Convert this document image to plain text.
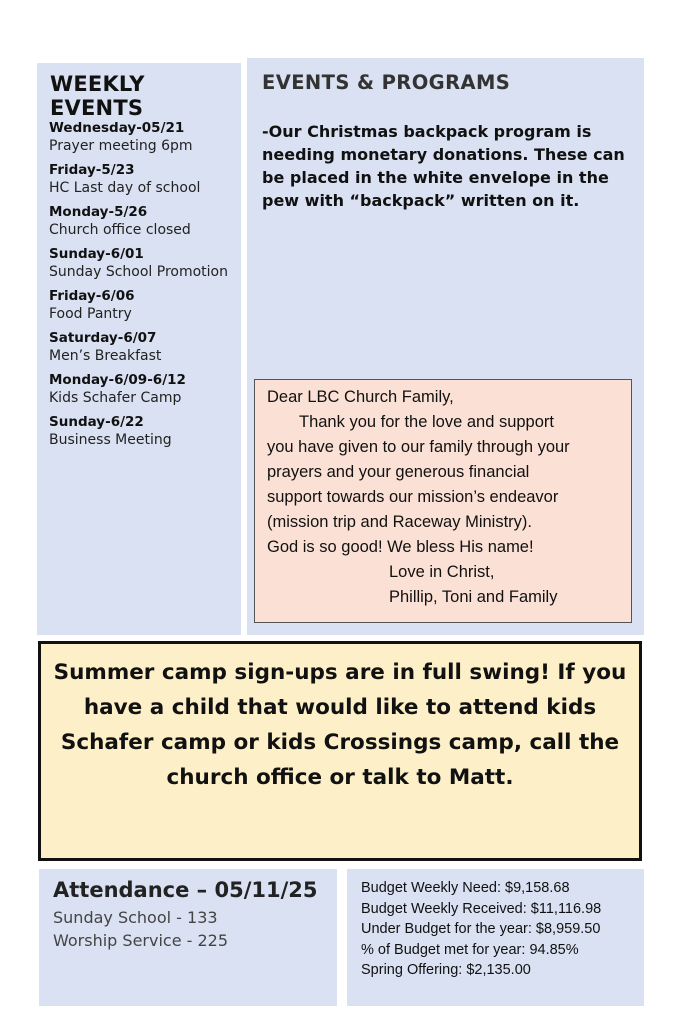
WEEKLY EVENTS
Wednesday-05/21
Prayer meeting 6pm
Friday-5/23
HC Last day of school
Monday-5/26
Church office closed
Sunday-6/01
Sunday School Promotion
Friday-6/06
Food Pantry
Saturday-6/07
Men’s Breakfast
Monday-6/09-6/12
Kids Schafer Camp
Sunday-6/22
Business Meeting
EVENTS & PROGRAMS
-Our Christmas backpack program is needing monetary donations. These can be placed in the white envelope in the pew with “backpack” written on it.
Dear LBC Church Family,
Thank you for the love and support
you have given to our family through your
prayers and your generous financial
support towards our mission’s endeavor
(mission trip and Raceway Ministry).
God is so good! We bless His name!
Love in Christ,
Phillip, Toni and Family
Summer camp sign-ups are in full swing! If you have a child that would like to attend kids Schafer camp or kids Crossings camp, call the church office or talk to Matt.
Attendance – 05/11/25
Sunday School - 133
Worship Service - 225
Budget Weekly Need: $9,158.68
Budget Weekly Received: $11,116.98
Under Budget for the year: $8,959.50
% of Budget met for year: 94.85%
Spring Offering: $2,135.00
